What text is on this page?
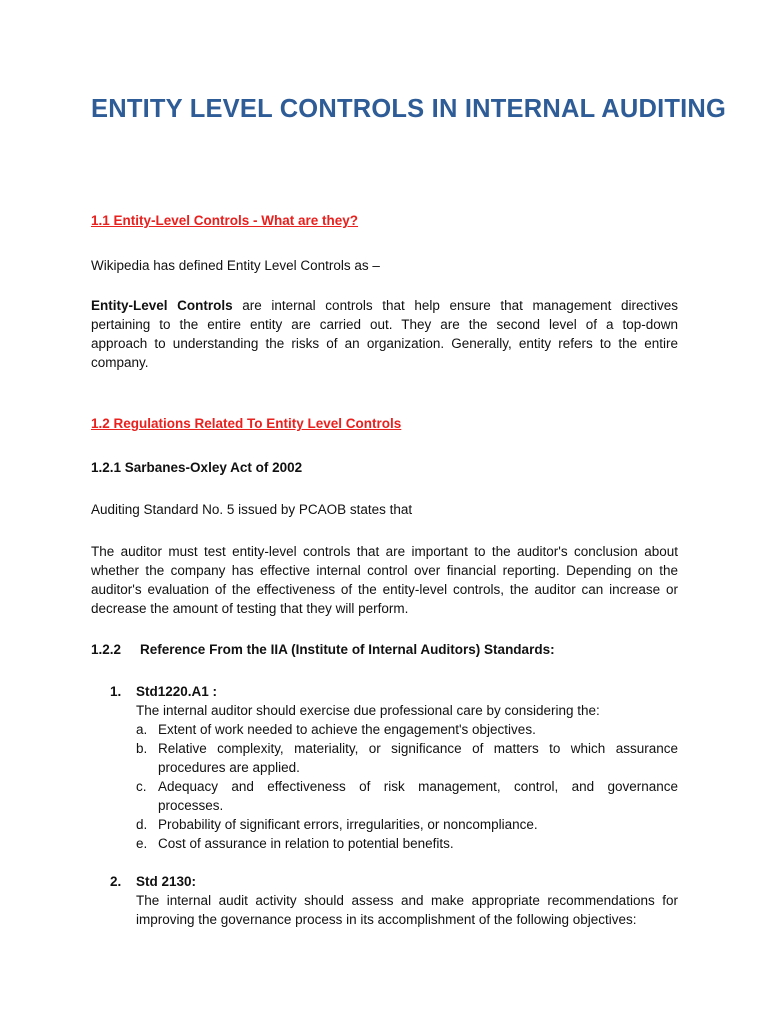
ENTITY LEVEL CONTROLS IN INTERNAL AUDITING
1.1 Entity-Level Controls - What are they?
Wikipedia has defined Entity Level Controls as –
Entity-Level Controls are internal controls that help ensure that management directives
pertaining to the entire entity are carried out. They are the second level of a top-down
approach to understanding the risks of an organization. Generally, entity refers to the entire
company.
1.2 Regulations Related To Entity Level Controls
1.2.1 Sarbanes-Oxley Act of 2002
Auditing Standard No. 5 issued by PCAOB states that
The auditor must test entity-level controls that are important to the auditor's conclusion about
whether the company has effective internal control over financial reporting. Depending on the
auditor's evaluation of the effectiveness of the entity-level controls, the auditor can increase or
decrease the amount of testing that they will perform.
1.2.2 Reference From the IIA (Institute of Internal Auditors) Standards:
1. Std1220.A1 :
The internal auditor should exercise due professional care by considering the:
a. Extent of work needed to achieve the engagement's objectives.
b. Relative complexity, materiality, or significance of matters to which assurance
procedures are applied.
c. Adequacy and effectiveness of risk management, control, and governance
processes.
d. Probability of significant errors, irregularities, or noncompliance.
e. Cost of assurance in relation to potential benefits.
2. Std 2130:
The internal audit activity should assess and make appropriate recommendations for
improving the governance process in its accomplishment of the following objectives:
